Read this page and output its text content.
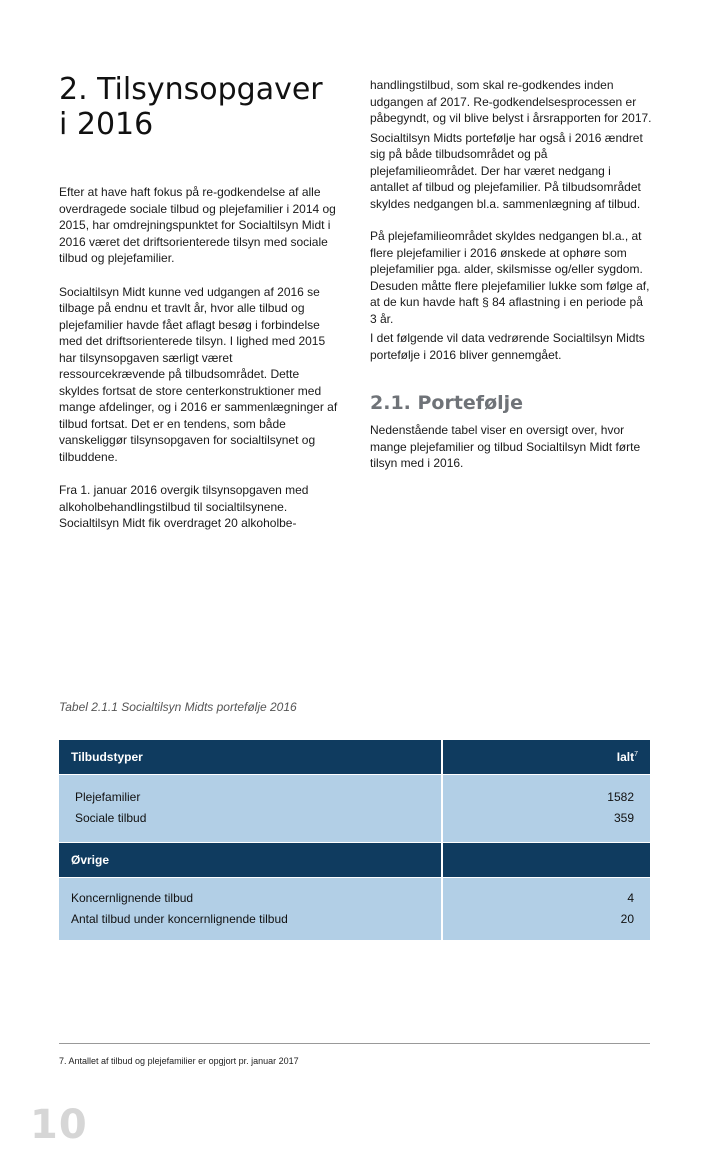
2. Tilsynsopgaver
i 2016

Efter at have haft fokus på re-godkendelse af alle overdragede sociale tilbud og plejefamilier i 2014 og 2015, har omdrejningspunktet for Socialtilsyn Midt i 2016 været det driftsorienterede tilsyn med sociale tilbud og plejefamilier.

Socialtilsyn Midt kunne ved udgangen af 2016 se tilbage på endnu et travlt år, hvor alle tilbud og plejefamilier havde fået aflagt besøg i forbindelse med det driftsorienterede tilsyn. I lighed med 2015 har tilsynsopgaven særligt været ressourcekrævende på tilbudsområdet. Dette skyldes fortsat de store centerkonstruktioner med mange afdelinger, og i 2016 er sammenlægninger af tilbud fortsat. Det er en tendens, som både vanskeliggør tilsynsopgaven for socialtilsynet og tilbuddene.

Fra 1. januar 2016 overgik tilsynsopgaven med alkoholbehandlingstilbud til socialtilsynene. Socialtilsyn Midt fik overdraget 20 alkoholbe-

handlingstilbud, som skal re-godkendes inden udgangen af 2017. Re-godkendelsesprocessen er påbegyndt, og vil blive belyst i årsrapporten for 2017.

Socialtilsyn Midts portefølje har også i 2016 ændret sig på både tilbudsområdet og på plejefamilieområdet. Der har været nedgang i antallet af tilbud og plejefamilier. På tilbudsområdet skyldes nedgangen bl.a. sammenlægning af tilbud.

På plejefamilieområdet skyldes nedgangen bl.a., at flere plejefamilier i 2016 ønskede at ophøre som plejefamilier pga. alder, skilsmisse og/eller sygdom. Desuden måtte flere plejefamilier lukke som følge af, at de kun havde haft § 84 aflastning i en periode på 3 år.

I det følgende vil data vedrørende Socialtilsyn Midts portefølje i 2016 bliver gennemgået.

2.1. Portefølje

Nedenstående tabel viser en oversigt over, hvor mange plejefamilier og tilbud Socialtilsyn Midt førte tilsyn med i 2016.

Tabel 2.1.1 Socialtilsyn Midts portefølje 2016
Tilbudstyper	Ialt$^7$
Plejefamilier
Sociale tilbud
1582
359
Øvrige
Koncernlignende tilbud
Antal tilbud under koncernlignende tilbud
4
20
7. Antallet af tilbud og plejefamilier er opgjort pr. januar 2017
10
